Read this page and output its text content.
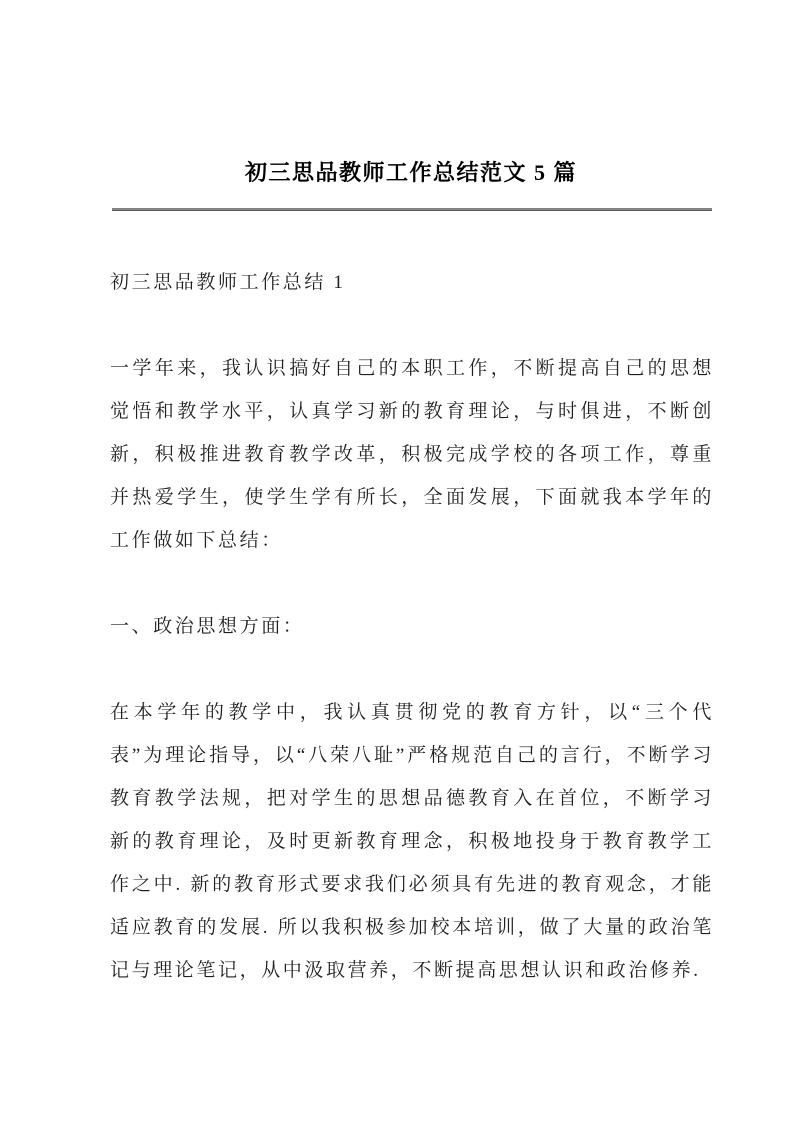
初三思品教师工作总结范文 5 篇

初三思品教师工作总结 1

一学年来，我认识搞好自己的本职工作，不断提高自己的思想觉悟和教学水平，认真学习新的教育理论，与时俱进，不断创新，积极推进教育教学改革，积极完成学校的各项工作，尊重并热爱学生，使学生学有所长，全面发展，下面就我本学年的工作做如下总结：

一、政治思想方面：

在本学年的教学中，我认真贯彻党的教育方针，以“三个代表”为理论指导，以“八荣八耻”严格规范自己的言行，不断学习教育教学法规，把对学生的思想品德教育入在首位，不断学习新的教育理论，及时更新教育理念，积极地投身于教育教学工作之中. 新的教育形式要求我们必须具有先进的教育观念，才能适应教育的发展. 所以我积极参加校本培训，做了大量的政治笔记与理论笔记，从中汲取营养，不断提高思想认识和政治修养.
